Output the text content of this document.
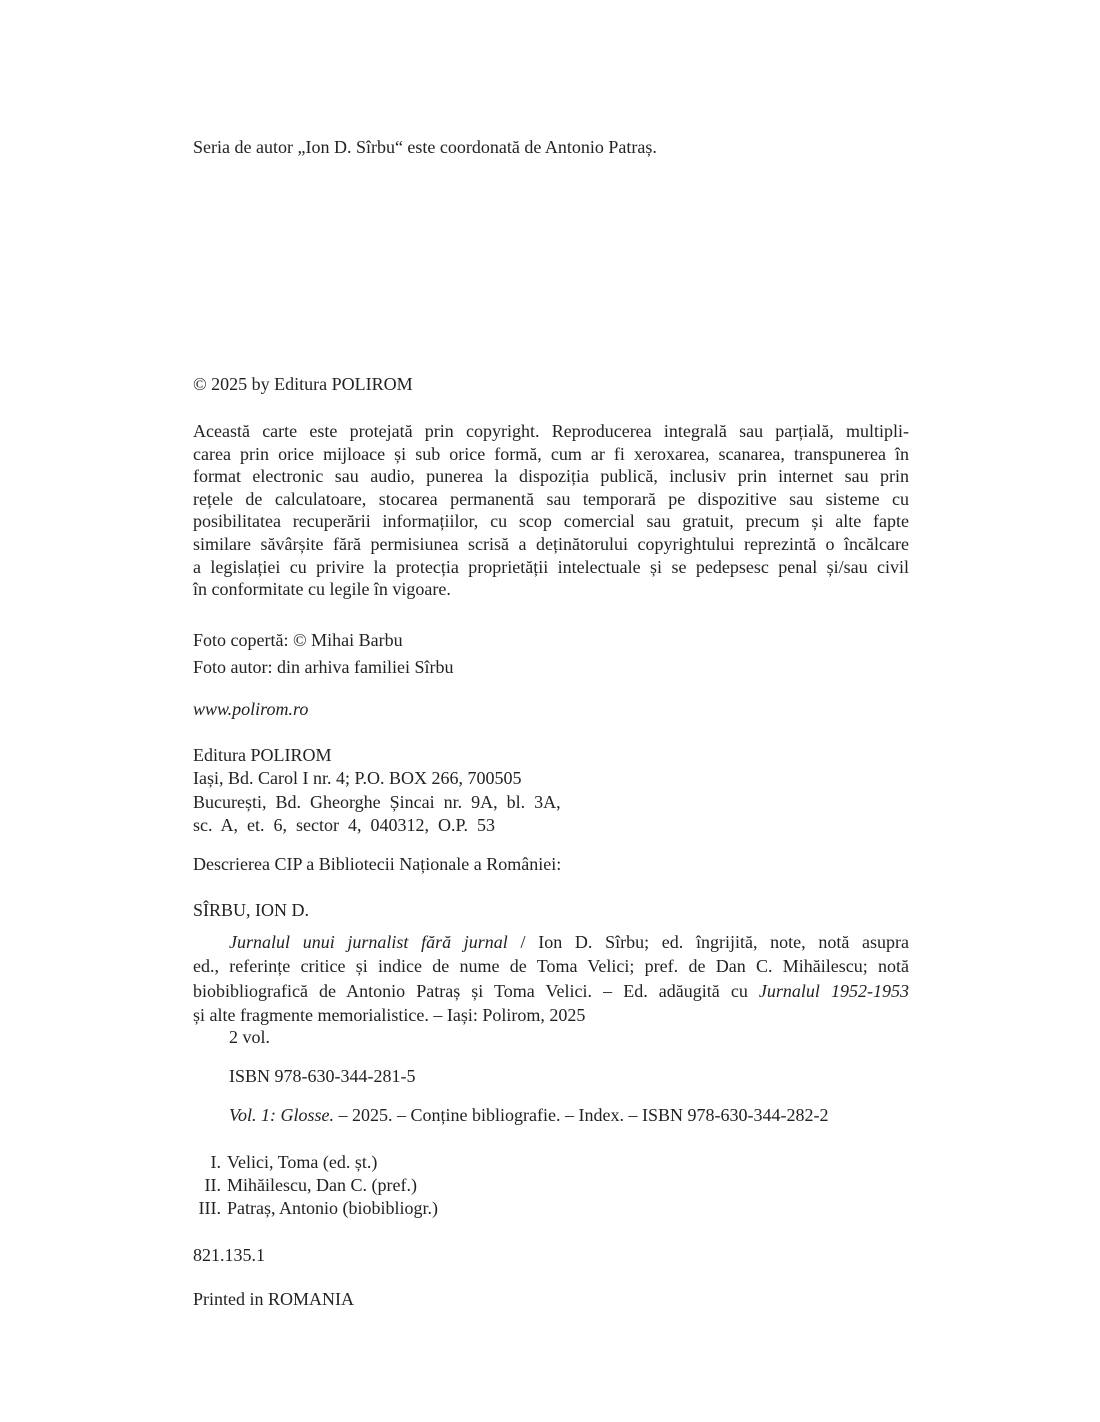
Seria de autor „Ion D. Sîrbu“ este coordonată de Antonio Patraș.
© 2025 by Editura POLIROM
Această carte este protejată prin copyright. Reproducerea integrală sau parțială, multipli-
carea prin orice mijloace și sub orice formă, cum ar fi xeroxarea, scanarea, transpunerea în
format electronic sau audio, punerea la dispoziția publică, inclusiv prin internet sau prin
rețele de calculatoare, stocarea permanentă sau temporară pe dispozitive sau sisteme cu
posibilitatea recuperării informațiilor, cu scop comercial sau gratuit, precum și alte fapte
similare săvârșite fără permisiunea scrisă a deținătorului copyrightului reprezintă o încălcare
a legislației cu privire la protecția proprietății intelectuale și se pedepsesc penal și/sau civil
în conformitate cu legile în vigoare.
Foto copertă: © Mihai Barbu
Foto autor: din arhiva familiei Sîrbu
www.polirom.ro
Editura POLIROM
Iași, Bd. Carol I nr. 4; P.O. BOX 266, 700505
București, Bd. Gheorghe Șincai nr. 9A, bl. 3A,
sc. A, et. 6, sector 4, 040312, O.P. 53
Descrierea CIP a Bibliotecii Naționale a României:
SÎRBU, ION D.
Jurnalul unui jurnalist fără jurnal / Ion D. Sîrbu; ed. îngrijită, note, notă asupra
ed., referințe critice și indice de nume de Toma Velici; pref. de Dan C. Mihăilescu; notă
biobibliografică de Antonio Patraș și Toma Velici. – Ed. adăugită cu Jurnalul 1952-1953
și alte fragmente memorialistice. – Iași: Polirom, 2025
2 vol.
ISBN 978-630-344-281-5
Vol. 1: Glosse. – 2025. – Conține bibliografie. – Index. – ISBN 978-630-344-282-2
I. Velici, Toma (ed. șt.)
II. Mihăilescu, Dan C. (pref.)
III. Patraș, Antonio (biobibliogr.)
821.135.1
Printed in ROMANIA
